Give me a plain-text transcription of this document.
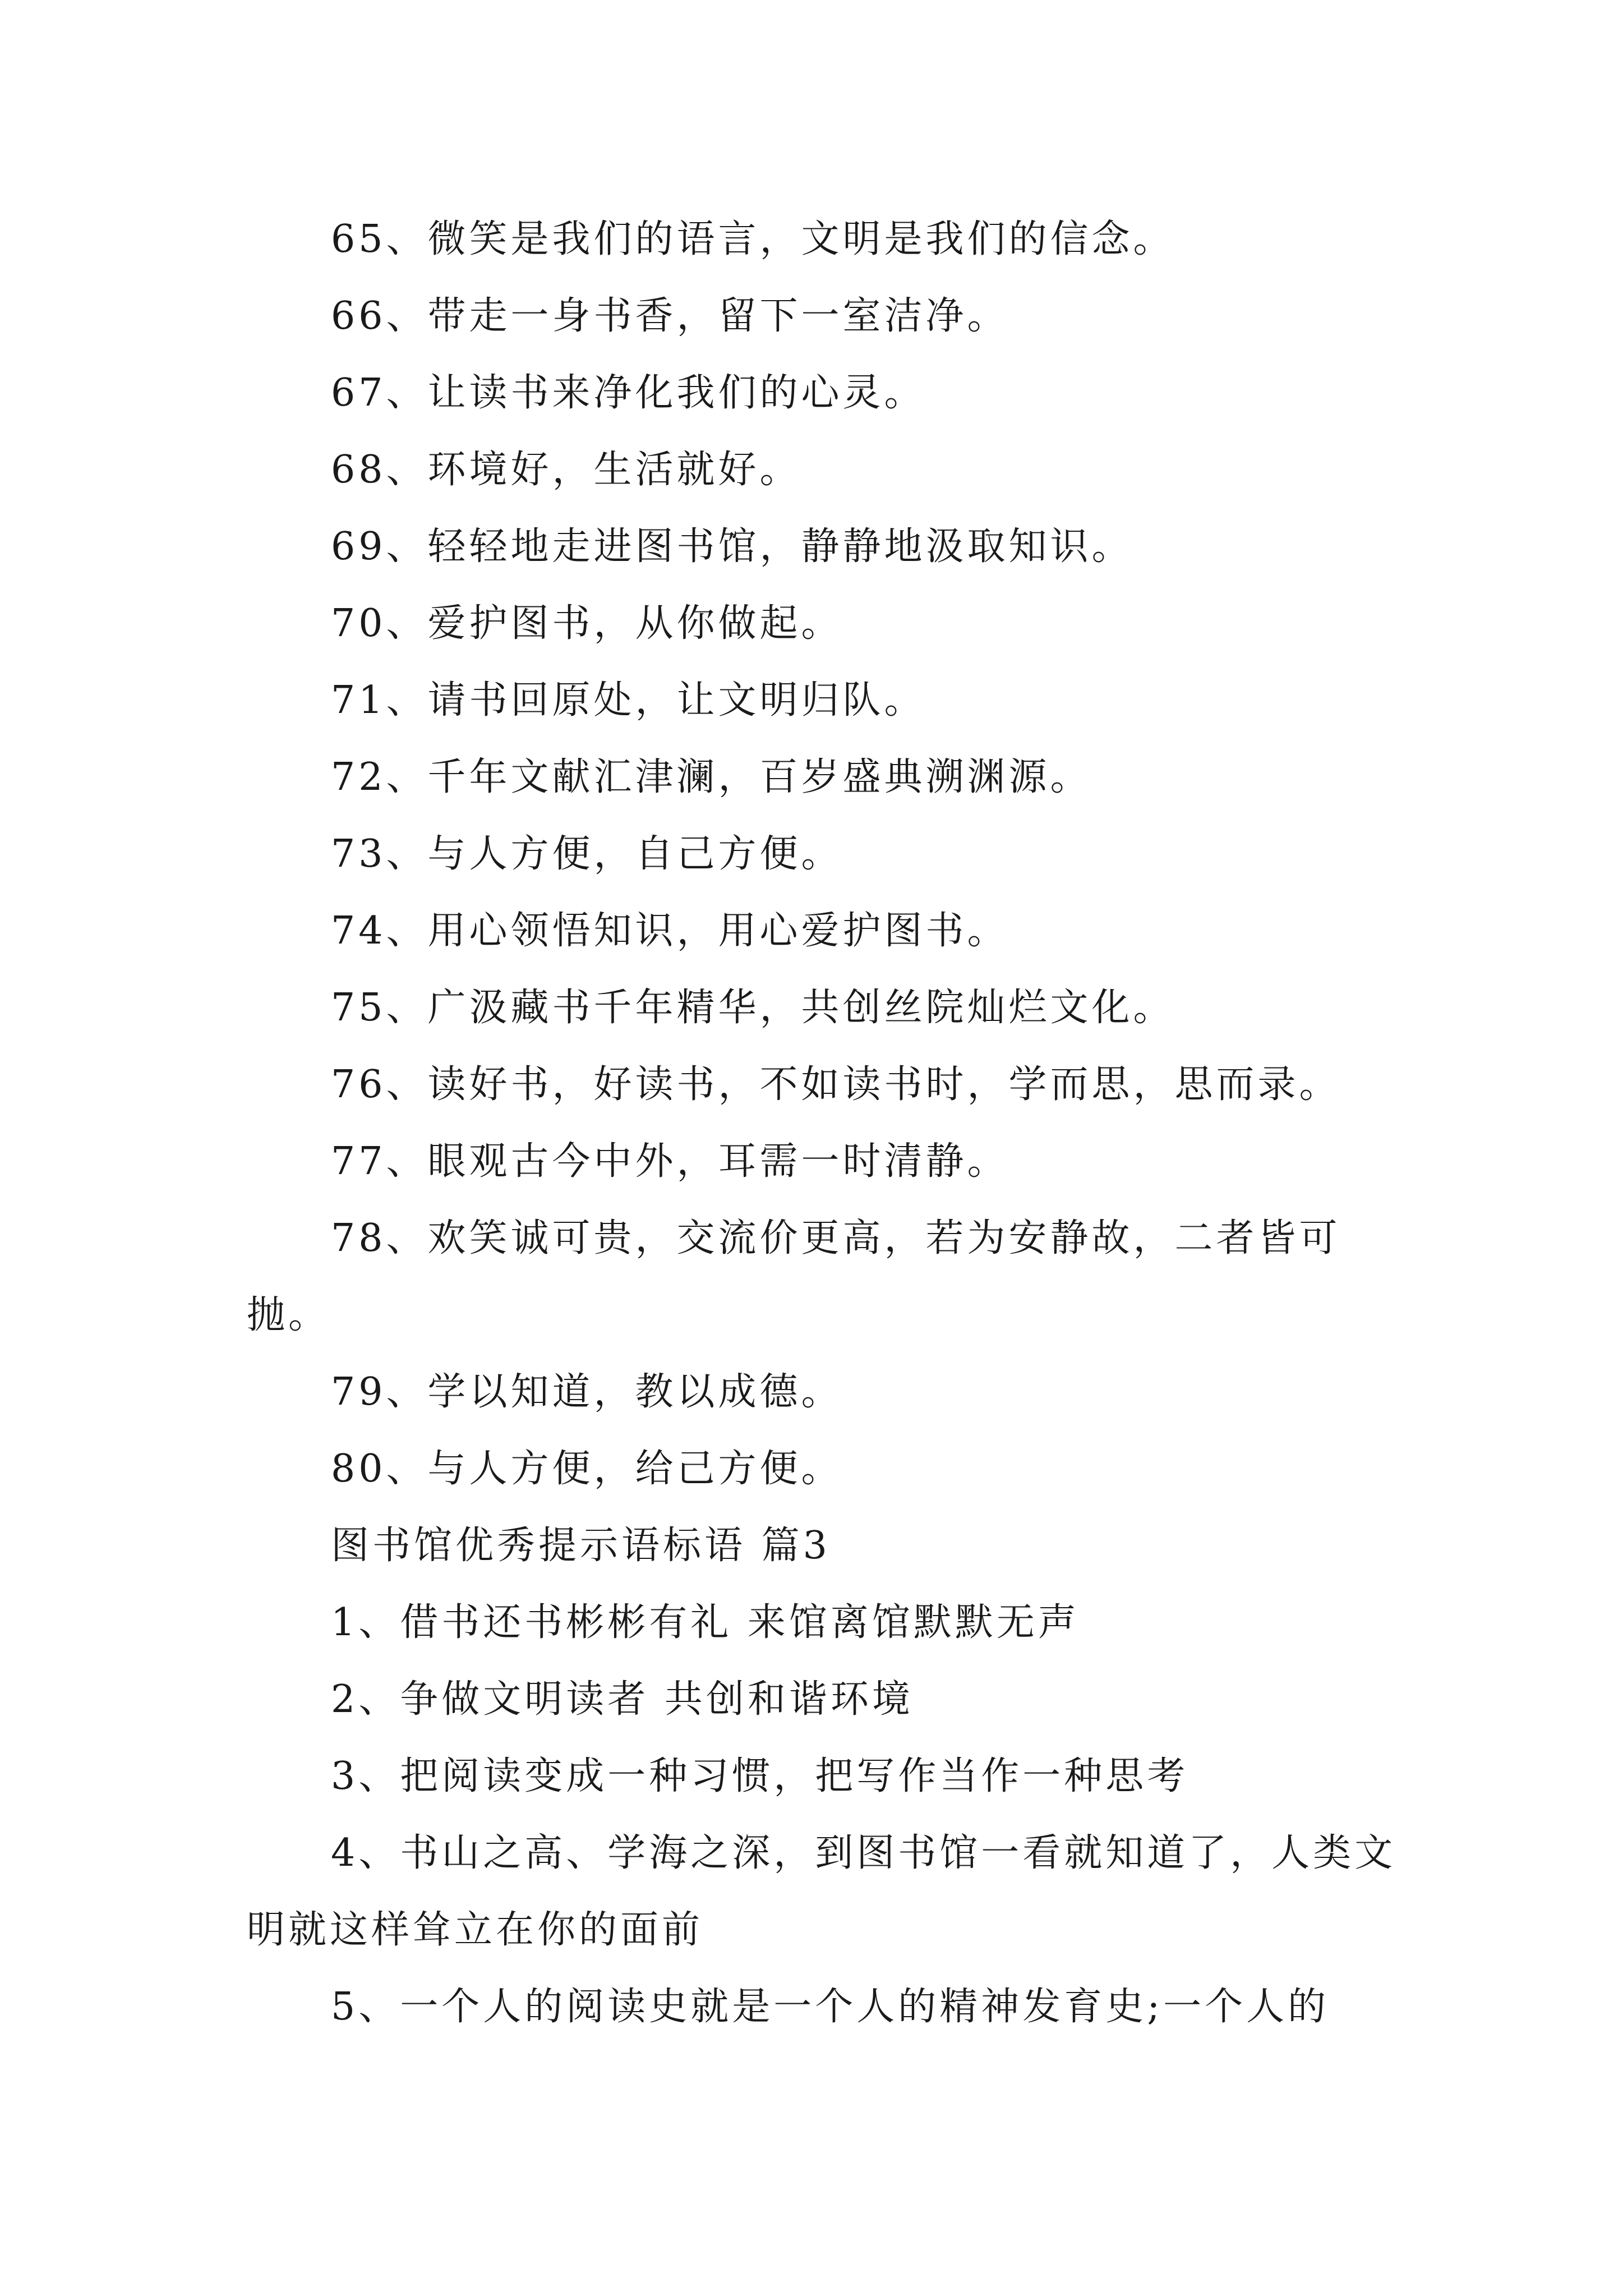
65、微笑是我们的语言，文明是我们的信念。

66、带走一身书香，留下一室洁净。

67、让读书来净化我们的心灵。

68、环境好，生活就好。

69、轻轻地走进图书馆，静静地汲取知识。

70、爱护图书，从你做起。

71、请书回原处，让文明归队。

72、千年文献汇津澜，百岁盛典溯渊源。

73、与人方便，自己方便。

74、用心领悟知识，用心爱护图书。

75、广汲藏书千年精华，共创丝院灿烂文化。

76、读好书，好读书，不如读书时，学而思，思而录。

77、眼观古今中外，耳需一时清静。

78、欢笑诚可贵，交流价更高，若为安静故，二者皆可抛。

79、学以知道，教以成德。

80、与人方便，给己方便。

图书馆优秀提示语标语 篇3

1、借书还书彬彬有礼 来馆离馆默默无声

2、争做文明读者 共创和谐环境

3、把阅读变成一种习惯，把写作当作一种思考

4、书山之高、学海之深，到图书馆一看就知道了，人类文明就这样耸立在你的面前

5、一个人的阅读史就是一个人的精神发育史;一个人的
